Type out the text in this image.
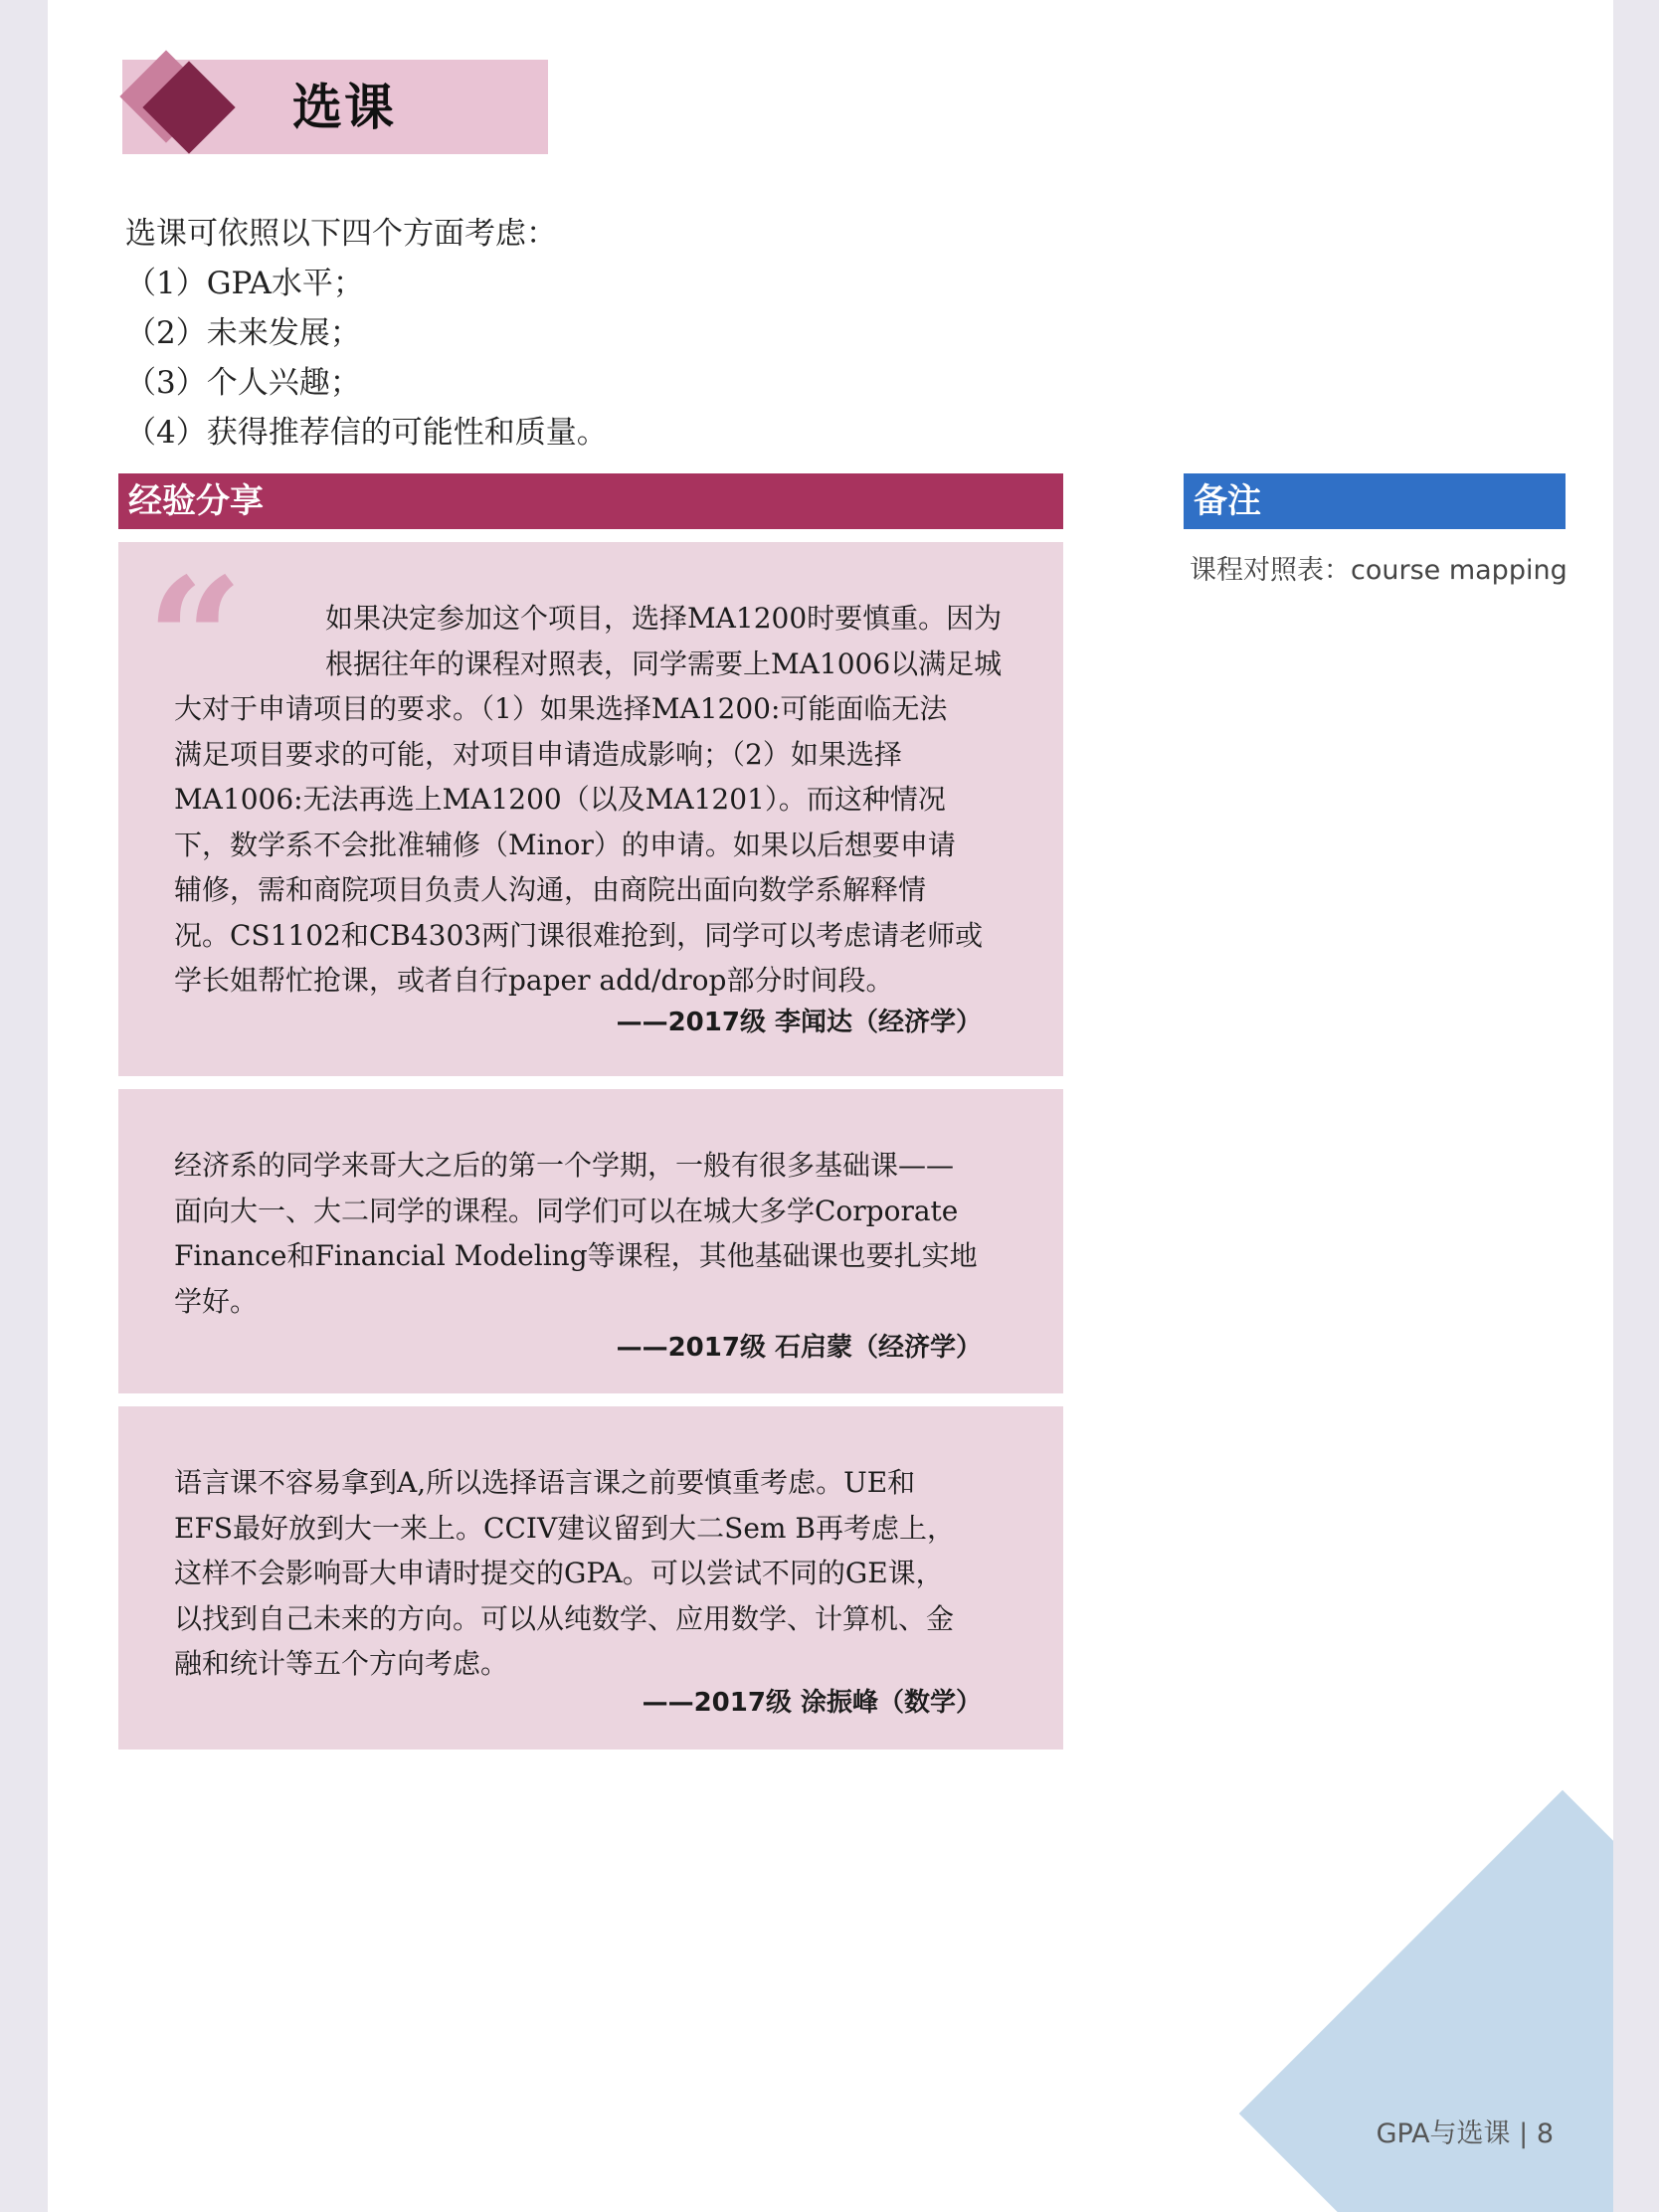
选课
选课可依照以下四个方面考虑：
（1）GPA水平；
（2）未来发展；
（3）个人兴趣；
（4）获得推荐信的可能性和质量。
经验分享	备注
课程对照表：course mapping
“	如果决定参加这个项目，选择MA1200时要慎重。因为
根据往年的课程对照表，同学需要上MA1006以满足城
大对于申请项目的要求。（1）如果选择MA1200:可能面临无法
满足项目要求的可能，对项目申请造成影响；（2）如果选择
MA1006:无法再选上MA1200（以及MA1201）。而这种情况
下，数学系不会批准辅修（Minor）的申请。如果以后想要申请
辅修，需和商院项目负责人沟通，由商院出面向数学系解释情
况。CS1102和CB4303两门课很难抢到，同学可以考虑请老师或
学长姐帮忙抢课，或者自行paper add/drop部分时间段。
——2017级 李闻达（经济学）
经济系的同学来哥大之后的第一个学期，一般有很多基础课——
面向大一、大二同学的课程。同学们可以在城大多学Corporate
Finance和Financial Modeling等课程，其他基础课也要扎实地
学好。
——2017级 石启蒙（经济学）
语言课不容易拿到A,所以选择语言课之前要慎重考虑。UE和
EFS最好放到大一来上。CCIV建议留到大二Sem B再考虑上，
这样不会影响哥大申请时提交的GPA。可以尝试不同的GE课，
以找到自己未来的方向。可以从纯数学、应用数学、计算机、金
融和统计等五个方向考虑。
——2017级 涂振峰（数学）
GPA与选课 | 8
